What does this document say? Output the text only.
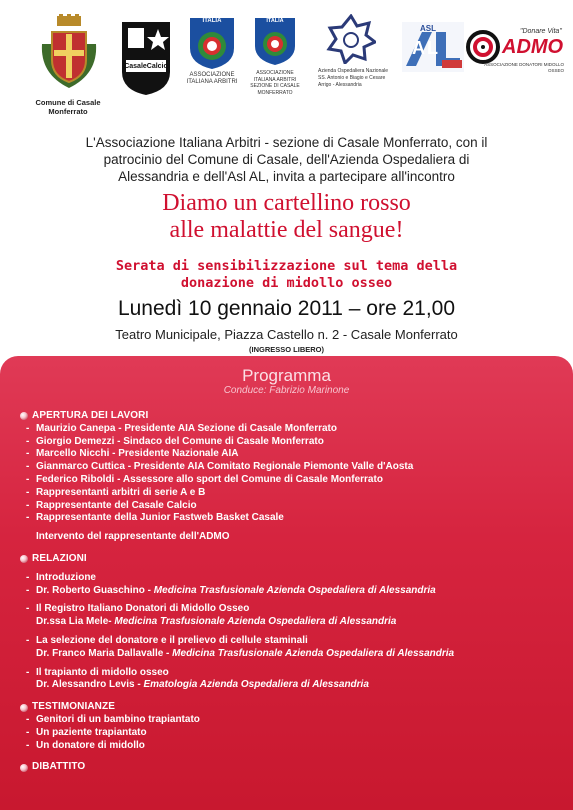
Comune di Casale Monferrato
CasaleCalcio
ITALIA
ASSOCIAZIONE ITALIANA ARBITRI
ITALIA
ASSOCIAZIONE ITALIANA ARBITRI SEZIONE DI CASALE MONFERRATO
Azienda Ospedaliera Nazionale SS. Antonio e Biagio e Cesare Arrigo - Alessandria
ASL
AL
"Donare Vita"
ADMO
ASSOCIAZIONE DONATORI MIDOLLO OSSEO
L'Associazione Italiana Arbitri - sezione di Casale Monferrato, con il
patrocinio del Comune di Casale, dell'Azienda Ospedaliera di
Alessandria e dell'Asl AL, invita a partecipare all'incontro
Diamo un cartellino rosso
alle malattie del sangue!
Serata di sensibilizzazione sul tema della
donazione di midollo osseo
Lunedì 10 gennaio 2011 – ore 21,00
Teatro Municipale, Piazza Castello n. 2 - Casale Monferrato
(INGRESSO LIBERO)
Programma
Conduce: Fabrizio Marinone
APERTURA DEI LAVORI
- Maurizio Canepa - Presidente AIA Sezione di Casale Monferrato
- Giorgio Demezzi - Sindaco del Comune di Casale Monferrato
- Marcello Nicchi - Presidente Nazionale AIA
- Gianmarco Cuttica - Presidente AIA Comitato Regionale Piemonte Valle d'Aosta
- Federico Riboldi - Assessore allo sport del Comune di Casale Monferrato
- Rappresentanti arbitri di serie A e B
- Rappresentante del Casale Calcio
- Rappresentante della Junior Fastweb Basket Casale
Intervento del rappresentante dell'ADMO
RELAZIONI
- Introduzione
- Dr. Roberto Guaschino - Medicina Trasfusionale Azienda Ospedaliera di Alessandria
- Il Registro Italiano Donatori di Midollo Osseo
Dr.ssa Lia Mele- Medicina Trasfusionale Azienda Ospedaliera di Alessandria
- La selezione del donatore e il prelievo di cellule staminali
Dr. Franco Maria Dallavalle - Medicina Trasfusionale Azienda Ospedaliera di Alessandria
- Il trapianto di midollo osseo
Dr. Alessandro Levis - Ematologia Azienda Ospedaliera di Alessandria
TESTIMONIANZE
- Genitori di un bambino trapiantato
- Un paziente trapiantato
- Un donatore di midollo
DIBATTITO
